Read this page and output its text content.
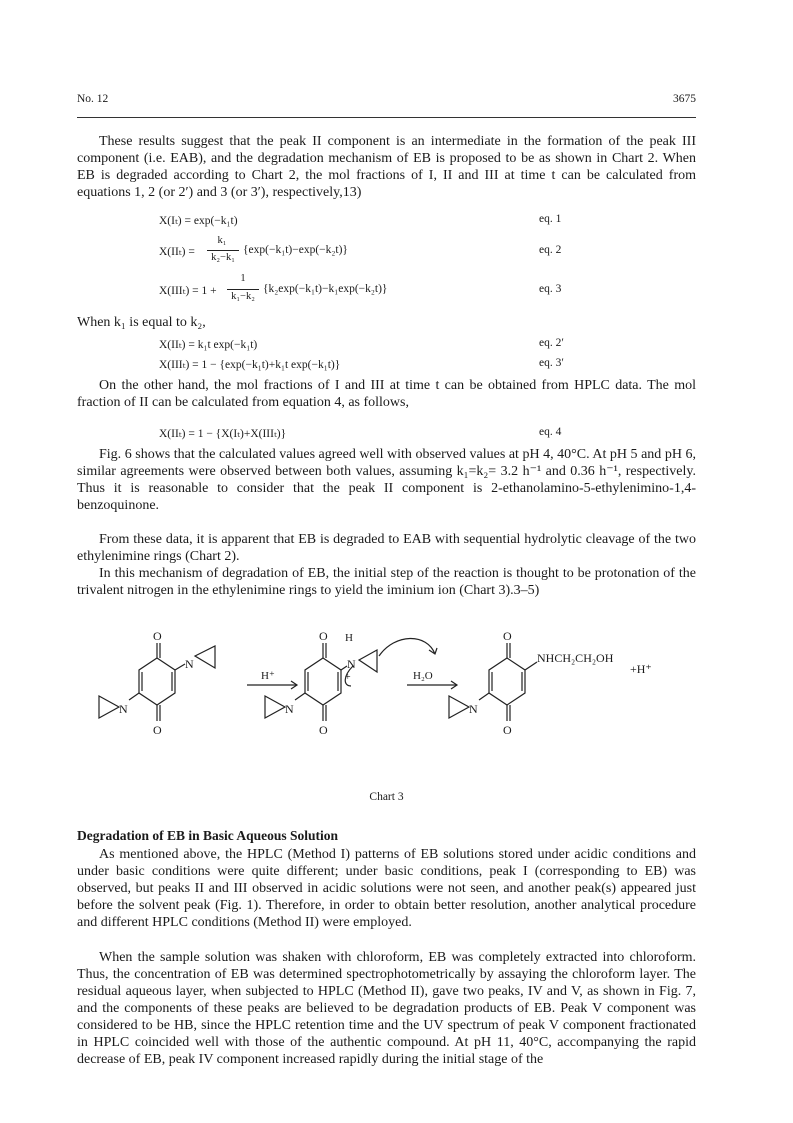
No. 12	3675

These results suggest that the peak II component is an intermediate in the formation of the peak III component (i.e. EAB), and the degradation mechanism of EB is proposed to be as shown in Chart 2. When EB is degraded according to Chart 2, the mol fractions of I, II and III at time t can be calculated from equations 1, 2 (or 2′) and 3 (or 3′), respectively,13)

X(Iₜ) = exp(−k₁t)	eq. 1
X(IIₜ) =
k₁
k₂−k₁
{exp(−k₁t)−exp(−k₂t)}	eq. 2
X(IIIₜ) = 1 +
1
k₁−k₂
{k₂exp(−k₁t)−k₁exp(−k₂t)}	eq. 3

When k₁ is equal to k₂,

X(IIₜ) = k₁t exp(−k₁t)	eq. 2′
X(IIIₜ) = 1 − {exp(−k₁t)+k₁t exp(−k₁t)}	eq. 3′

On the other hand, the mol fractions of I and III at time t can be obtained from HPLC data. The mol fraction of II can be calculated from equation 4, as follows,

X(IIₜ) = 1 − {X(Iₜ)+X(IIIₜ)}	eq. 4

Fig. 6 shows that the calculated values agreed well with observed values at pH 4, 40°C. At pH 5 and pH 6, similar agreements were observed between both values, assuming k₁=k₂= 3.2 h⁻¹ and 0.36 h⁻¹, respectively. Thus it is reasonable to consider that the peak II component is 2-ethanolamino-5-ethylenimino-1,4-benzoquinone.

From these data, it is apparent that EB is degraded to EAB with sequential hydrolytic cleavage of the two ethylenimine rings (Chart 2).

In this mechanism of degradation of EB, the initial step of the reaction is thought to be protonation of the trivalent nitrogen in the ethylenimine rings to yield the iminium ion (Chart 3).3–5)

O
O
N
N
H⁺
O
O
H
N
+
N
H₂O
O
O
NHCH₂CH₂OH
N
+H⁺
Chart 3
Degradation of EB in Basic Aqueous Solution

As mentioned above, the HPLC (Method I) patterns of EB solutions stored under acidic conditions and under basic conditions were quite different; under basic conditions, peak I (corresponding to EB) was observed, but peaks II and III observed in acidic solutions were not seen, and another peak(s) appeared just before the solvent peak (Fig. 1). Therefore, in order to obtain better resolution, another analytical procedure and different HPLC conditions (Method II) were employed.

When the sample solution was shaken with chloroform, EB was completely extracted into chloroform. Thus, the concentration of EB was determined spectrophotometrically by assaying the chloroform layer. The residual aqueous layer, when subjected to HPLC (Method II), gave two peaks, IV and V, as shown in Fig. 7, and the components of these peaks are believed to be degradation products of EB. Peak V component was considered to be HB, since the HPLC retention time and the UV spectrum of peak V component fractionated in HPLC coincided well with those of the authentic compound. At pH 11, 40°C, accompanying the rapid decrease of EB, peak IV component increased rapidly during the initial stage of the
